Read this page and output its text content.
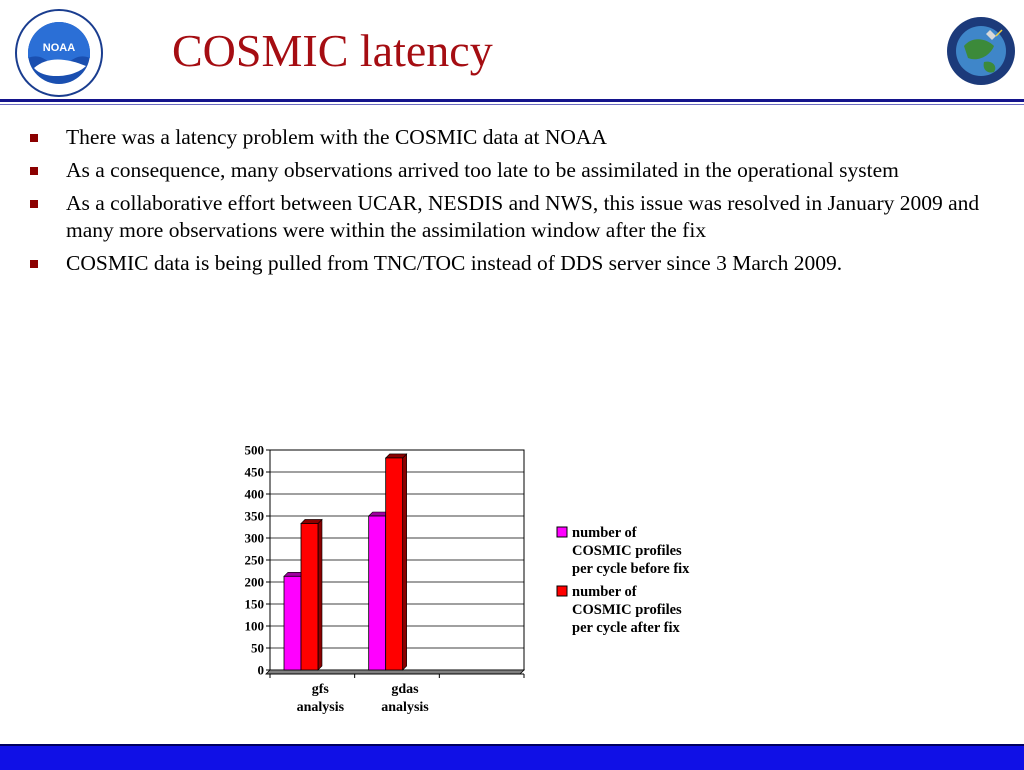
NOAA COSMIC latency
There was a latency problem with the COSMIC data at NOAA
As a consequence, many observations arrived too late to be assimilated in the operational system
As a collaborative effort between UCAR, NESDIS and NWS, this issue was resolved in January 2009 and many more observations were within the assimilation window after the fix
COSMIC data is being pulled from TNC/TOC instead of DDS server since 3 March 2009.
0
50
100
150
200
250
300
350
400
450
500
gfs
analysis
gdas
analysis
number of
COSMIC profiles
per cycle before fix
number of
COSMIC profiles
per cycle after fix
